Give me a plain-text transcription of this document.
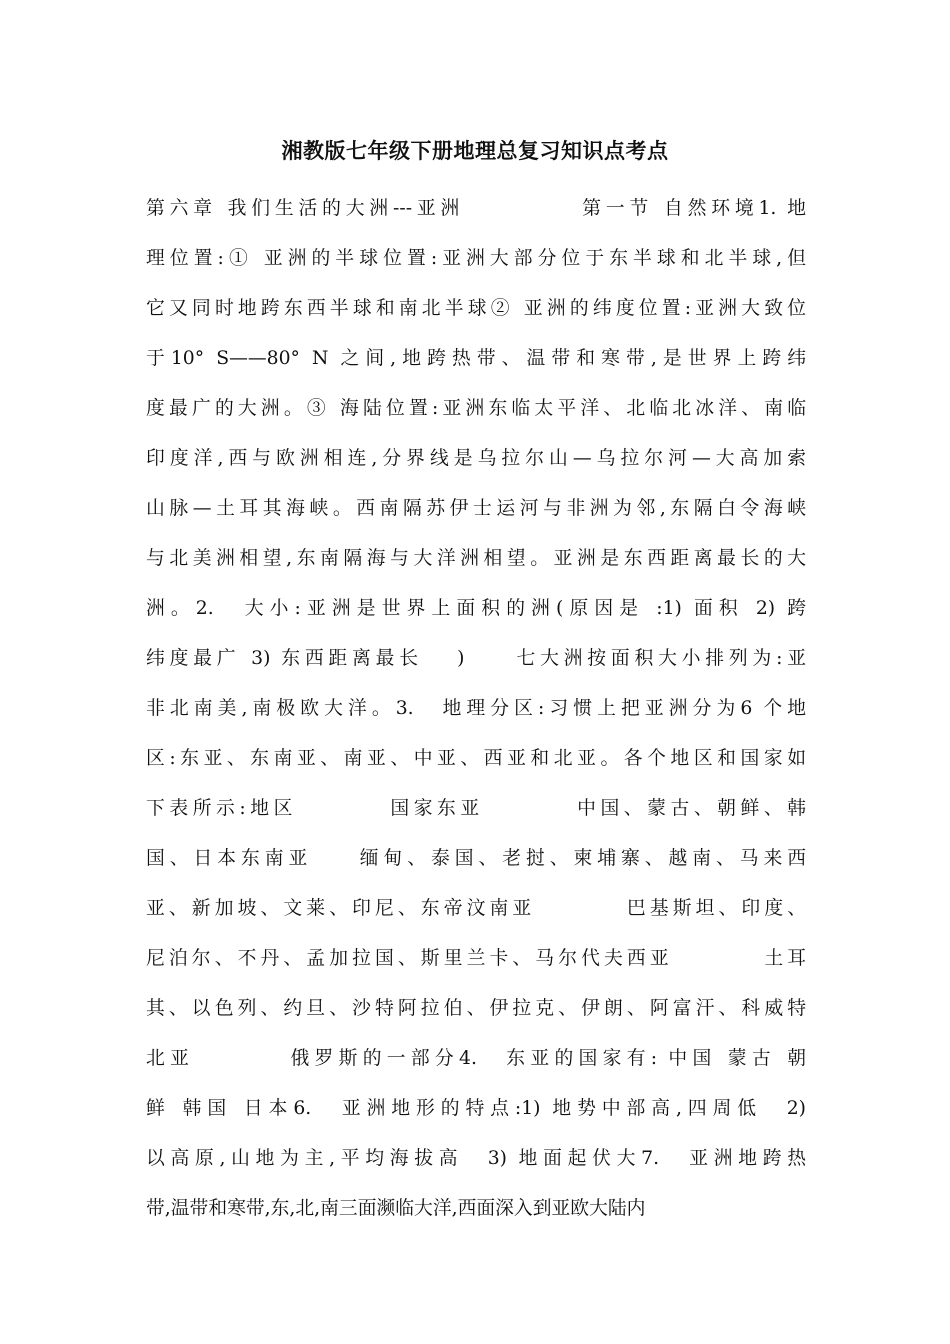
湘教版七年级下册地理总复习知识点考点
第六章 我们生活的大洲---亚洲　　　　　第一节 自然环境1. 地
理位置:① 亚洲的半球位置:亚洲大部分位于东半球和北半球,但
它又同时地跨东西半球和南北半球② 亚洲的纬度位置:亚洲大致位
于10° S——80° N 之间,地跨热带、温带和寒带,是世界上跨纬
度最广的大洲。③ 海陆位置:亚洲东临太平洋、北临北冰洋、南临
印度洋,西与欧洲相连,分界线是乌拉尔山—乌拉尔河—大高加索
山脉—土耳其海峡。西南隔苏伊士运河与非洲为邻,东隔白令海峡
与北美洲相望,东南隔海与大洋洲相望。亚洲是东西距离最长的大
洲。2.　大小:亚洲是世界上面积的洲(原因是 :1) 面积 2) 跨
纬度最广 3) 东西距离最长　 )　　七大洲按面积大小排列为:亚
非北南美,南极欧大洋。3.　地理分区:习惯上把亚洲分为6 个地
区:东亚、东南亚、南亚、中亚、西亚和北亚。各个地区和国家如
下表所示:地区　　　　国家东亚　　　　中国、蒙古、朝鲜、韩
国、日本东南亚　　缅甸、泰国、老挝、柬埔寨、越南、马来西
亚、新加坡、文莱、印尼、东帝汶南亚　　　　巴基斯坦、印度、
尼泊尔、不丹、孟加拉国、斯里兰卡、马尔代夫西亚　　　　土耳
其、以色列、约旦、沙特阿拉伯、伊拉克、伊朗、阿富汗、科威特
北亚　　　　俄罗斯的一部分4.　东亚的国家有: 中国 蒙古 朝
鲜 韩国 日本6.　亚洲地形的特点:1) 地势中部高,四周低　2)
以高原,山地为主,平均海拔高　3) 地面起伏大7.　亚洲地跨热
带,温带和寒带,东,北,南三面濒临大洋,西面深入到亚欧大陆内
